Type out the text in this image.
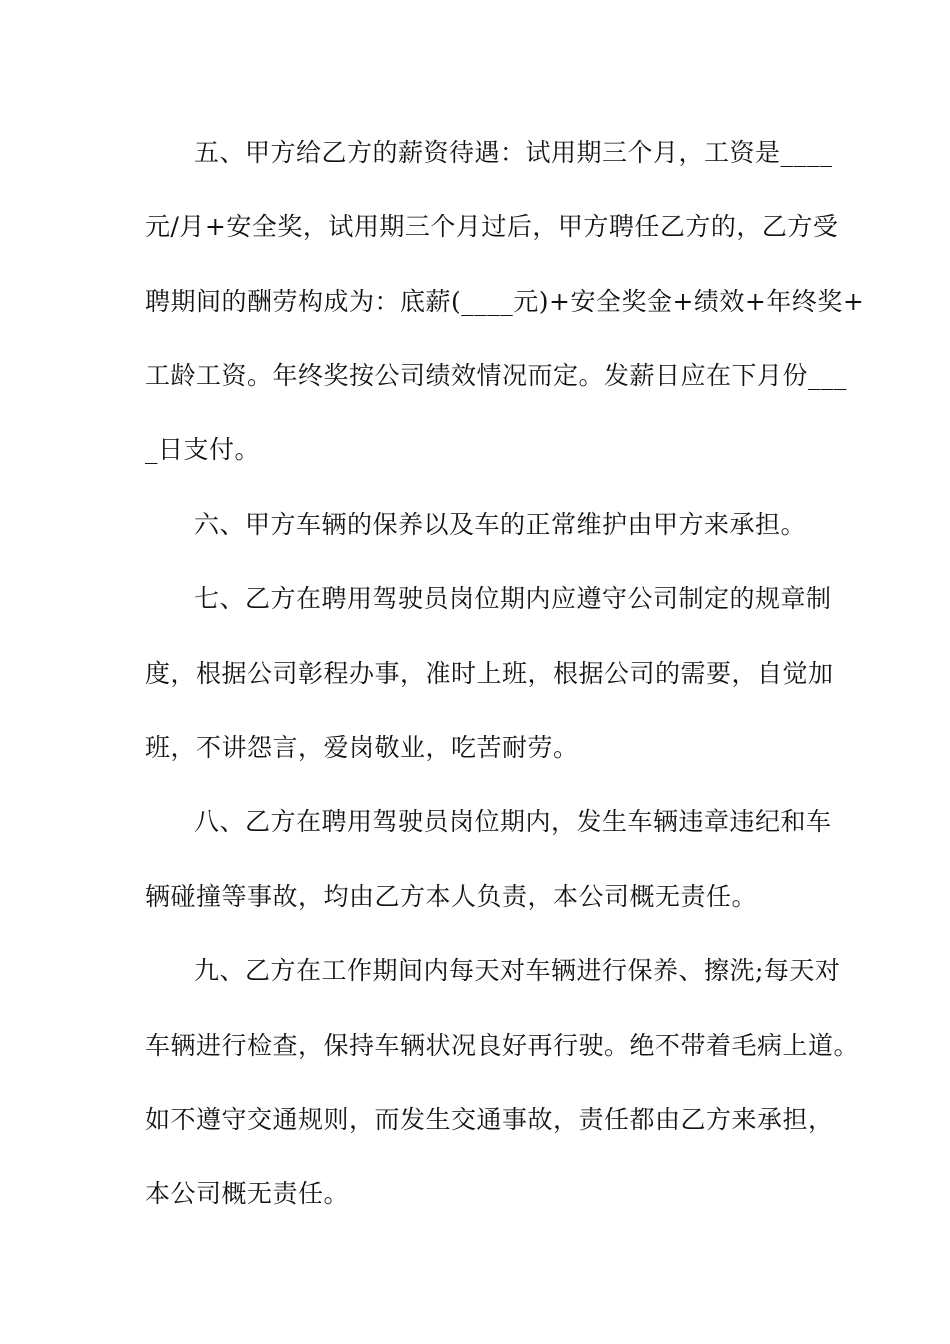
五、甲方给乙方的薪资待遇：试用期三个月，工资是____
元/月+安全奖，试用期三个月过后，甲方聘任乙方的，乙方受
聘期间的酬劳构成为：底薪(____元)+安全奖金+绩效+年终奖+
工龄工资。年终奖按公司绩效情况而定。发薪日应在下月份___
_日支付。
六、甲方车辆的保养以及车的正常维护由甲方来承担。
七、乙方在聘用驾驶员岗位期内应遵守公司制定的规章制
度，根据公司彰程办事，准时上班，根据公司的需要，自觉加
班，不讲怨言，爱岗敬业，吃苦耐劳。
八、乙方在聘用驾驶员岗位期内，发生车辆违章违纪和车
辆碰撞等事故，均由乙方本人负责，本公司概无责任。
九、乙方在工作期间内每天对车辆进行保养、擦洗;每天对
车辆进行检查，保持车辆状况良好再行驶。绝不带着毛病上道。
如不遵守交通规则，而发生交通事故，责任都由乙方来承担，
本公司概无责任。
